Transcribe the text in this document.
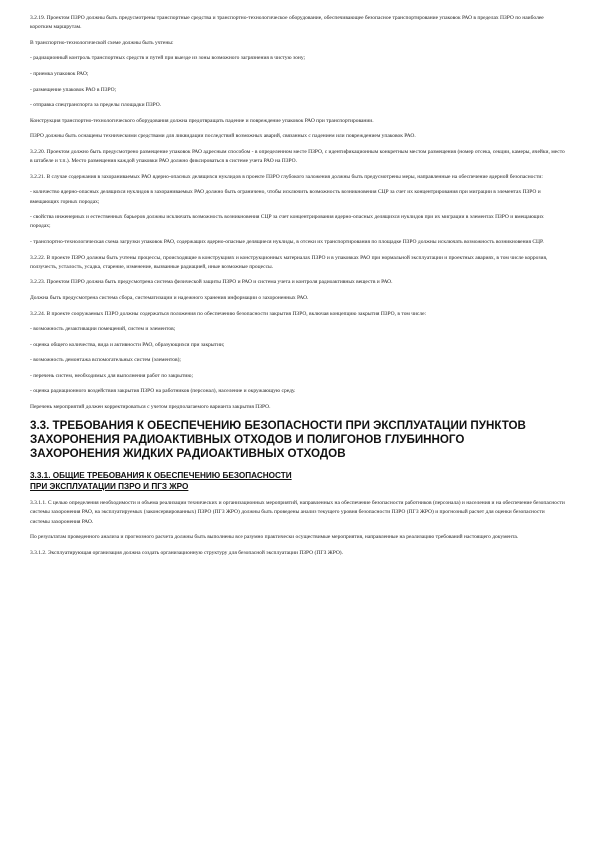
3.2.19. Проектом ПЗРО должны быть предусмотрены транспортные средства и транспортно-технологическое оборудование, обеспечивающее безопасное транспортирование упаковок РАО в пределах ПЗРО по наиболее коротким маршрутам.

В транспортно-технологической схеме должны быть учтены:

- радиационный контроль транспортных средств и путей при выезде из зоны возможного загрязнения в чистую зону;

- приемка упаковок РАО;

- размещение упаковок РАО в ПЗРО;

- отправка спецтранспорта за пределы площадки ПЗРО.

Конструкция транспортно-технологического оборудования должна предотвращать падение и повреждение упаковок РАО при транспортировании.

ПЗРО должны быть оснащены техническими средствами для ликвидации последствий возможных аварий, связанных с падением или повреждением упаковок РАО.

3.2.20. Проектом должно быть предусмотрено размещение упаковок РАО адресным способом - в определенном месте ПЗРО, с идентификационным конкретным местом размещения (номер отсека, секции, камеры, ячейки, место в штабеле и т.п.). Место размещения каждой упаковки РАО должно фиксироваться в системе учета РАО на ПЗРО.

3.2.21. В случае содержания в захораниваемых РАО ядерно-опасных делящихся нуклидов в проекте ПЗРО глубокого заложения должны быть предусмотрены меры, направленные на обеспечение ядерной безопасности:

- количество ядерно-опасных делящихся нуклидов в захораниваемых РАО должно быть ограничено, чтобы исключить возможность возникновения СЦР за счет их концентрирования при миграции в элементах ПЗРО и вмещающих горных породах;

- свойства инженерных и естественных барьеров должны исключать возможность возникновения СЦР за счет концентрирования ядерно-опасных делящихся нуклидов при их миграции в элементах ПЗРО и вмещающих породах;

- транспортно-технологическая схема загрузки упаковок РАО, содержащих ядерно-опасные делящиеся нуклиды, в отсеки их транспортирования по площадке ПЗРО должны исключать возможность возникновения СЦР.

3.2.22. В проекте ПЗРО должны быть учтены процессы, происходящие в конструкциях и конструкционных материалах ПЗРО и в упаковках РАО при нормальной эксплуатации и проектных авариях, в том числе коррозия, ползучесть, усталость, усадка, старение, изменение, вызванные радиацией, иные возможные процессы.

3.2.23. Проектом ПЗРО должна быть предусмотрена система физической защиты ПЗРО и РАО и система учета и контроля радиоактивных веществ и РАО.

Должна быть предусмотрена система сбора, систематизации и надежного хранения информации о захороненных РАО.

3.2.24. В проекте сооружаемых ПЗРО должны содержаться положения по обеспечению безопасности закрытия ПЗРО, включая концепцию закрытия ПЗРО, в том числе:

- возможность дезактивации помещений, систем и элементов;

- оценка общего количества, вида и активности РАО, образующихся при закрытии;

- возможность демонтажа вспомогательных систем (элементов);

- перечень систем, необходимых для выполнения работ по закрытию;

- оценка радиационного воздействия закрытия ПЗРО на работников (персонал), население и окружающую среду.

Перечень мероприятий должен корректироваться с учетом предполагаемого варианта закрытия ПЗРО.

3.3. ТРЕБОВАНИЯ К ОБЕСПЕЧЕНИЮ БЕЗОПАСНОСТИ ПРИ ЭКСПЛУАТАЦИИ ПУНКТОВ
ЗАХОРОНЕНИЯ РАДИОАКТИВНЫХ ОТХОДОВ И ПОЛИГОНОВ ГЛУБИННОГО
ЗАХОРОНЕНИЯ ЖИДКИХ РАДИОАКТИВНЫХ ОТХОДОВ
3.3.1. ОБЩИЕ ТРЕБОВАНИЯ К ОБЕСПЕЧЕНИЮ БЕЗОПАСНОСТИ
ПРИ ЭКСПЛУАТАЦИИ ПЗРО И ПГЗ ЖРО

3.3.1.1. С целью определения необходимости и объема реализации технических и организационных мероприятий, направленных на обеспечение безопасности работников (персонала) и населения и на обеспечение безопасности системы захоронения РАО, на эксплуатируемых (законсервированных) ПЗРО (ПГЗ ЖРО) должны быть проведены анализ текущего уровня безопасности ПЗРО (ПГЗ ЖРО) и прогнозный расчет для оценки безопасности системы захоронения РАО.

По результатам проведенного анализа и прогнозного расчета должны быть выполнены все разумно практически осуществимые мероприятия, направленные на реализацию требований настоящего документа.

3.3.1.2. Эксплуатирующая организация должна создать организационную структуру для безопасной эксплуатации ПЗРО (ПГЗ ЖРО).
